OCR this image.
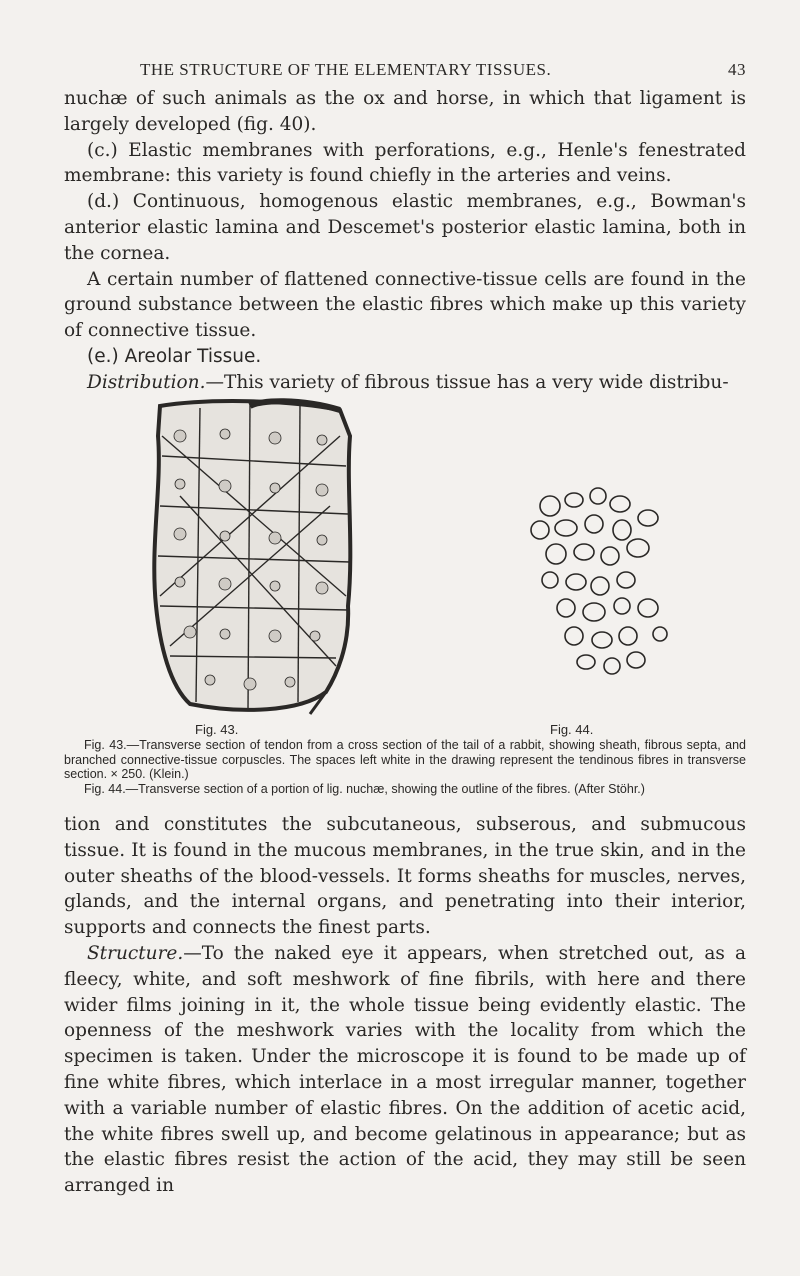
THE STRUCTURE OF THE ELEMENTARY TISSUES.	43

nuchæ of such animals as the ox and horse, in which that ligament is largely developed (fig. 40).

(c.) Elastic membranes with perforations, e.g., Henle's fenestrated membrane: this variety is found chiefly in the arteries and veins.

(d.) Continuous, homogenous elastic membranes, e.g., Bowman's anterior elastic lamina and Descemet's posterior elastic lamina, both in the cornea.

A certain number of flattened connective-tissue cells are found in the ground substance between the elastic fibres which make up this variety of connective tissue.

(e.) Areolar Tissue.

Distribution.—This variety of fibrous tissue has a very wide distribu-

Fig. 43.	Fig. 44.

Fig. 43.—Transverse section of tendon from a cross section of the tail of a rabbit, showing sheath, fibrous septa, and branched connective-tissue corpuscles. The spaces left white in the drawing represent the tendinous fibres in transverse section. × 250. (Klein.)

Fig. 44.—Transverse section of a portion of lig. nuchæ, showing the outline of the fibres. (After Stöhr.)

tion and constitutes the subcutaneous, subserous, and submucous tissue. It is found in the mucous membranes, in the true skin, and in the outer sheaths of the blood-vessels. It forms sheaths for muscles, nerves, glands, and the internal organs, and penetrating into their interior, supports and connects the finest parts.

Structure.—To the naked eye it appears, when stretched out, as a fleecy, white, and soft meshwork of fine fibrils, with here and there wider films joining in it, the whole tissue being evidently elastic. The openness of the meshwork varies with the locality from which the specimen is taken. Under the microscope it is found to be made up of fine white fibres, which interlace in a most irregular manner, together with a variable number of elastic fibres. On the addition of acetic acid, the white fibres swell up, and become gelatinous in appearance; but as the elastic fibres resist the action of the acid, they may still be seen arranged in
